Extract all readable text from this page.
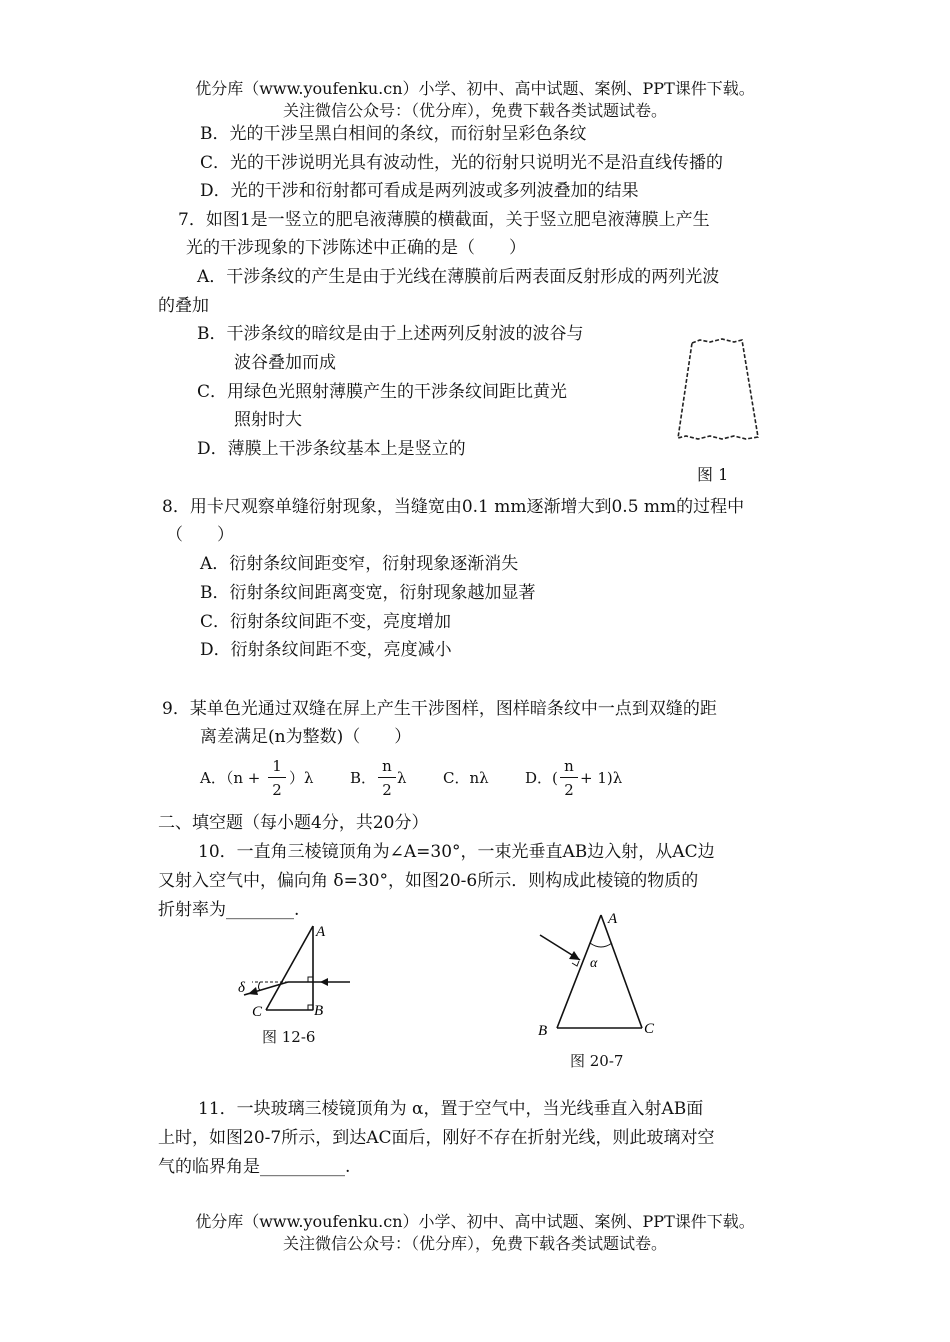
优分库（www.youfenku.cn）小学、初中、高中试题、案例、PPT课件下载。
关注微信公众号：（优分库），免费下载各类试题试卷。
B．光的干涉呈黑白相间的条纹，而衍射呈彩色条纹
C．光的干涉说明光具有波动性，光的衍射只说明光不是沿直线传播的
D．光的干涉和衍射都可看成是两列波或多列波叠加的结果
7．如图1是一竖立的肥皂液薄膜的横截面，关于竖立肥皂液薄膜上产生
光的干涉现象的下涉陈述中正确的是（　　）
A．干涉条纹的产生是由于光线在薄膜前后两表面反射形成的两列光波
的叠加
B．干涉条纹的暗纹是由于上述两列反射波的波谷与
波谷叠加而成
C．用绿色光照射薄膜产生的干涉条纹间距比黄光
照射时大
D．薄膜上干涉条纹基本上是竖立的
图 1
8．用卡尺观察单缝衍射现象，当缝宽由0.1 mm逐渐增大到0.5 mm的过程中
（　　）
A．衍射条纹间距变窄，衍射现象逐渐消失
B．衍射条纹间距离变宽，衍射现象越加显著
C．衍射条纹间距不变，亮度增加
D．衍射条纹间距不变，亮度减小
9．某单色光通过双缝在屏上产生干涉图样，图样暗条纹中一点到双缝的距
离差满足(n为整数)（　　）
A．（n +
1
2
）λ B．
n
2
λ C．nλ D．(
n
2
+ 1)λ
二、填空题（每小题4分，共20分）
10．一直角三棱镜顶角为∠A=30°，一束光垂直AB边入射，从AC边
又射入空气中，偏向角 δ=30°，如图20-6所示．则构成此棱镜的物质的
折射率为________.
A
B
C
δ
图 12-6
A
α
B	C
图 20-7
11．一块玻璃三棱镜顶角为 α，置于空气中，当光线垂直入射AB面
上时，如图20-7所示，到达AC面后，刚好不存在折射光线，则此玻璃对空
气的临界角是__________.
优分库（www.youfenku.cn）小学、初中、高中试题、案例、PPT课件下载。
关注微信公众号：（优分库），免费下载各类试题试卷。
